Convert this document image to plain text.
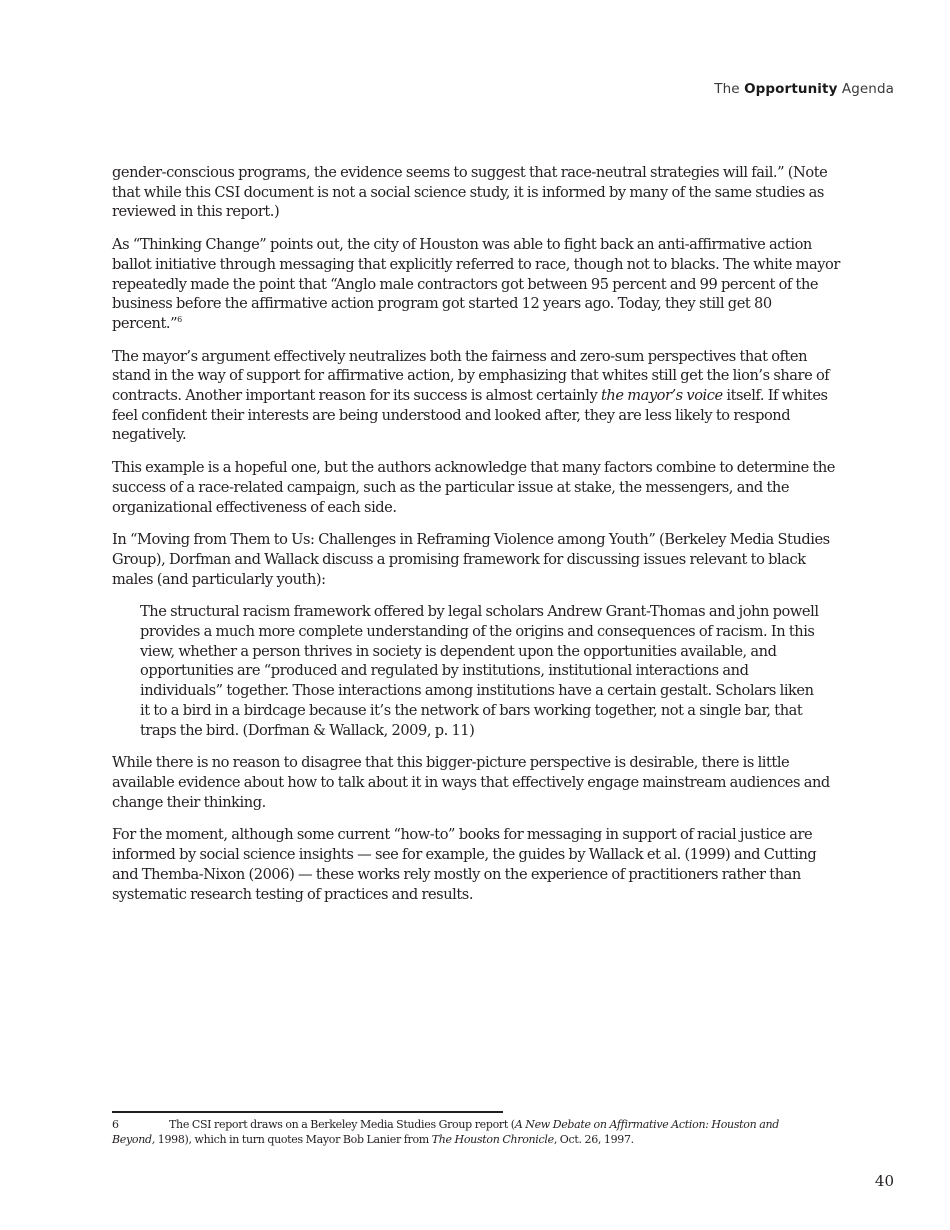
The Opportunity Agenda

gender-conscious programs, the evidence seems to suggest that race-neutral strategies will fail.” (Note that while this CSI document is not a social science study, it is informed by many of the same studies as reviewed in this report.)

As “Thinking Change” points out, the city of Houston was able to fight back an anti-affirmative action ballot initiative through messaging that explicitly referred to race, though not to blacks. The white mayor repeatedly made the point that “Anglo male contractors got between 95 percent and 99 percent of the business before the affirmative action program got started 12 years ago. Today, they still get 80 percent.”$^6$

The mayor’s argument effectively neutralizes both the fairness and zero-sum perspectives that often stand in the way of support for affirmative action, by emphasizing that whites still get the lion’s share of contracts. Another important reason for its success is almost certainly the mayor’s voice itself. If whites feel confident their interests are being understood and looked after, they are less likely to respond negatively.

This example is a hopeful one, but the authors acknowledge that many factors combine to determine the success of a race-related campaign, such as the particular issue at stake, the messengers, and the organizational effectiveness of each side.

In “Moving from Them to Us: Challenges in Reframing Violence among Youth” (Berkeley Media Studies Group), Dorfman and Wallack discuss a promising framework for discussing issues relevant to black males (and particularly youth):

The structural racism framework offered by legal scholars Andrew Grant-Thomas and john powell provides a much more complete understanding of the origins and consequences of racism. In this view, whether a person thrives in society is dependent upon the opportunities available, and opportunities are “produced and regulated by institutions, institutional interactions and individuals” together. Those interactions among institutions have a certain gestalt. Scholars liken it to a bird in a birdcage because it’s the network of bars working together, not a single bar, that traps the bird. (Dorfman & Wallack, 2009, p. 11)

While there is no reason to disagree that this bigger-picture perspective is desirable, there is little available evidence about how to talk about it in ways that effectively engage mainstream audiences and change their thinking.

For the moment, although some current “how-to” books for messaging in support of racial justice are informed by social science insights — see for example, the guides by Wallack et al. (1999) and Cutting and Themba-Nixon (2006) — these works rely mostly on the experience of practitioners rather than systematic research testing of practices and results.

6	The CSI report draws on a Berkeley Media Studies Group report (A New Debate on Affirmative Action: Houston and Beyond, 1998), which in turn quotes Mayor Bob Lanier from The Houston Chronicle, Oct. 26, 1997.
40
